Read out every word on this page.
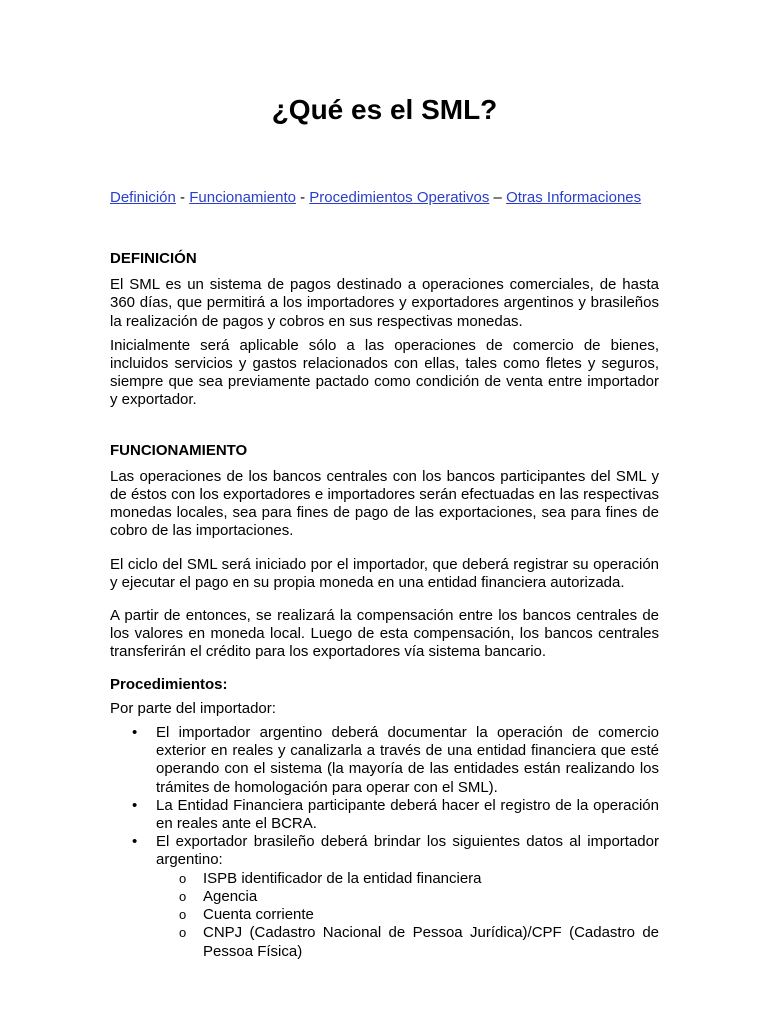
¿Qué es el SML?
Definición - Funcionamiento - Procedimientos Operativos – Otras Informaciones

DEFINICIÓN

El SML es un sistema de pagos destinado a operaciones comerciales, de hasta 360 días, que permitirá a los importadores y exportadores argentinos y brasileños la realización de pagos y cobros en sus respectivas monedas.

Inicialmente será aplicable sólo a las operaciones de comercio de bienes, incluidos servicios y gastos relacionados con ellas, tales como fletes y seguros, siempre que sea previamente pactado como condición de venta entre importador y exportador.

FUNCIONAMIENTO

Las operaciones de los bancos centrales con los bancos participantes del SML y de éstos con los exportadores e importadores serán efectuadas en las respectivas monedas locales, sea para fines de pago de las exportaciones, sea para fines de cobro de las importaciones.

El ciclo del SML será iniciado por el importador, que deberá registrar su operación y ejecutar el pago en su propia moneda en una entidad financiera autorizada.

A partir de entonces, se realizará la compensación entre los bancos centrales de los valores en moneda local. Luego de esta compensación, los bancos centrales transferirán el crédito para los exportadores vía sistema bancario.

Procedimientos:

Por parte del importador:

• El importador argentino deberá documentar la operación de comercio exterior en reales y canalizarla a través de una entidad financiera que esté operando con el sistema (la mayoría de las entidades están realizando los trámites de homologación para operar con el SML).
• La Entidad Financiera participante deberá hacer el registro de la operación en reales ante el BCRA.
• El exportador brasileño deberá brindar los siguientes datos al importador argentino:
o ISPB identificador de la entidad financiera
o Agencia
o Cuenta corriente
o CNPJ (Cadastro Nacional de Pessoa Jurídica)/CPF (Cadastro de Pessoa Física)
